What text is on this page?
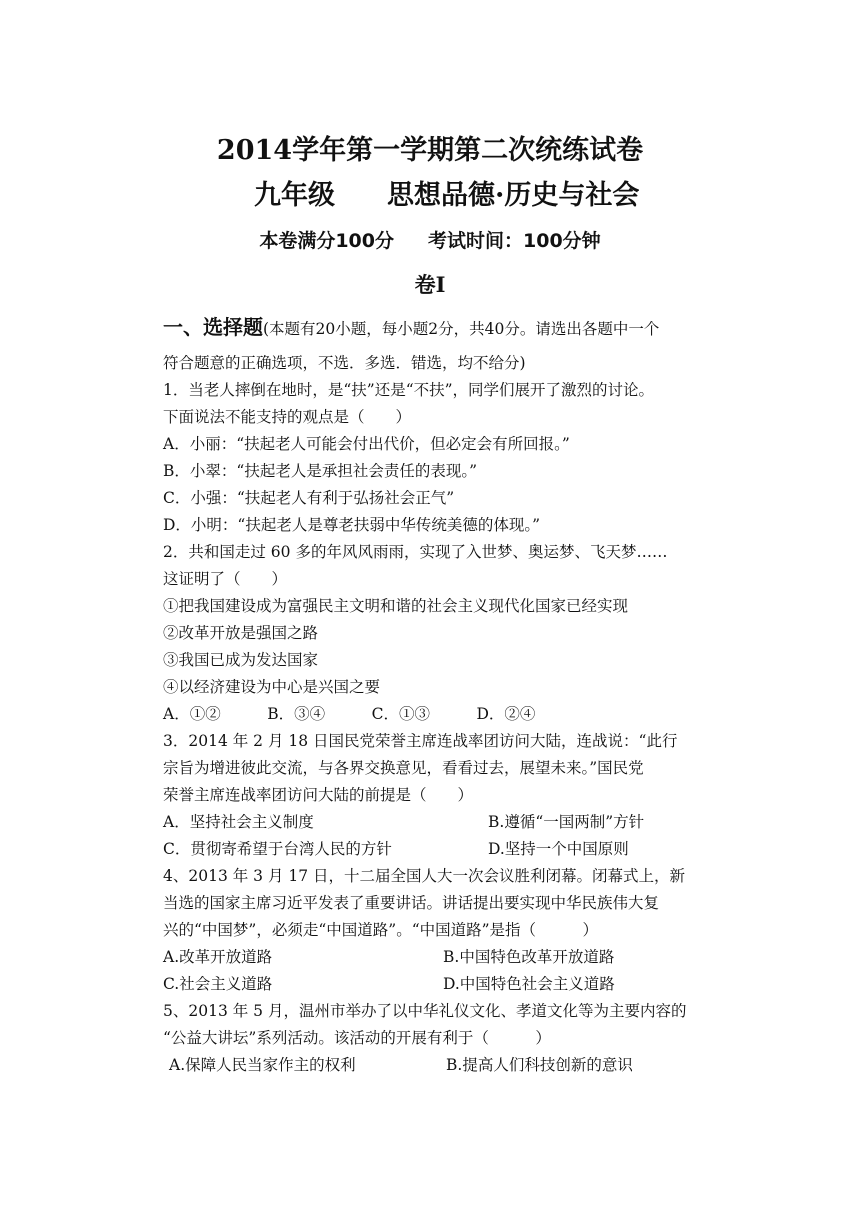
2014学年第一学期第二次统练试卷
九年级 思想品德·历史与社会
本卷满分100分 考试时间：100分钟
卷Ⅰ
一、选择题(本题有20小题，每小题2分，共40分。请选出各题中一个
符合题意的正确选项，不选．多选．错选，均不给分)
1．当老人摔倒在地时，是“扶”还是“不扶”，同学们展开了激烈的讨论。
下面说法不能支持的观点是（　　）
A．小丽：“扶起老人可能会付出代价，但必定会有所回报。”
B．小翠：“扶起老人是承担社会责任的表现。”
C．小强：“扶起老人有利于弘扬社会正气”
D．小明：“扶起老人是尊老扶弱中华传统美德的体现。”
2．共和国走过 60 多的年风风雨雨，实现了入世梦、奥运梦、飞天梦……
这证明了（　　）
①把我国建设成为富强民主文明和谐的社会主义现代化国家已经实现
②改革开放是强国之路
③我国已成为发达国家
④以经济建设为中心是兴国之要
A．①②　　　B．③④　　　C．①③　　　D．②④
3．2014 年 2 月 18 日国民党荣誉主席连战率团访问大陆，连战说：“此行
宗旨为增进彼此交流，与各界交换意见，看看过去，展望未来。”国民党
荣誉主席连战率团访问大陆的前提是（　　）
A．坚持社会主义制度	B.遵循“一国两制”方针
C．贯彻寄希望于台湾人民的方针	D.坚持一个中国原则
4、2013 年 3 月 17 日，十二届全国人大一次会议胜利闭幕。闭幕式上，新
当选的国家主席习近平发表了重要讲话。讲话提出要实现中华民族伟大复
兴的“中国梦”，必须走“中国道路”。“中国道路”是指（　　　）
A.改革开放道路	B.中国特色改革开放道路
C.社会主义道路	D.中国特色社会主义道路
5、2013 年 5 月，温州市举办了以中华礼仪文化、孝道文化等为主要内容的
“公益大讲坛”系列活动。该活动的开展有利于（　　　）
A.保障人民当家作主的权利	B.提高人们科技创新的意识
